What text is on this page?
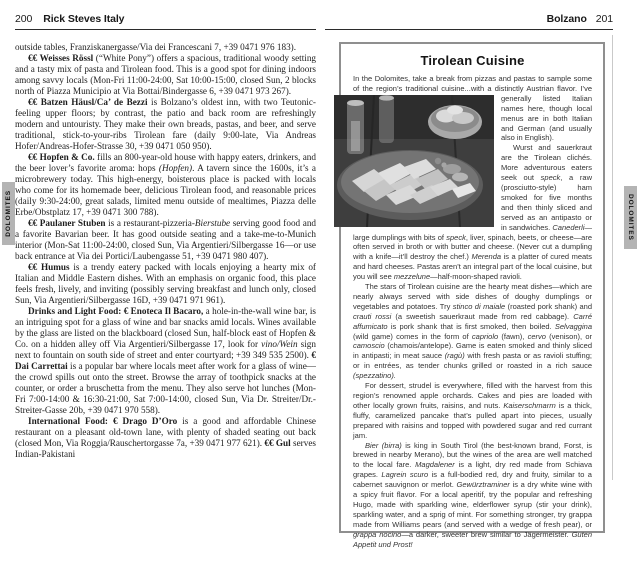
200 Rick Steves Italy

outside tables, Franziskanergasse/Via dei Francescani 7, +39 0471 976 183).

€€ Weisses Rössl (“White Pony”) offers a spacious, traditional woody setting and a tasty mix of pasta and Tirolean food. This is a good spot for dining indoors among savvy locals (Mon-Fri 11:00-24:00, Sat 10:00-15:00, closed Sun, 2 blocks north of Piazza Municipio at Via Bottai/Bindergasse 6, +39 0471 973 267).

€€ Batzen Häusl/Ca’ de Bezzi is Bolzano’s oldest inn, with two Teutonic-feeling upper floors; by contrast, the patio and back room are refreshingly modern and untouristy. They make their own breads, pastas, and beer, and serve traditional, stick-to-your-ribs Tirolean fare (daily 9:00-late, Via Andreas Hofer/Andreas-Hofer-Strasse 30, +39 0471 050 950).

€€ Hopfen & Co. fills an 800-year-old house with happy eaters, drinkers, and the beer lover’s favorite aroma: hops (Hopfen). A tavern since the 1600s, it’s a microbrewery today. This high-energy, boisterous place is packed with locals who come for its homemade beer, delicious Tirolean food, and reasonable prices (daily 9:30-24:00, great salads, limited menu outside of mealtimes, Piazza delle Erbe/Obstplatz 17, +39 0471 300 788).

€€ Paulaner Stuben is a restaurant-pizzeria-Bierstube serving good food and a favorite Bavarian beer. It has good outside seating and a take-me-to-Munich interior (Mon-Sat 11:00-24:00, closed Sun, Via Argentieri/Silbergasse 16—or use back entrance at Via dei Portici/Laubengasse 51, +39 0471 980 407).

€€ Humus is a trendy eatery packed with locals enjoying a hearty mix of Italian and Middle Eastern dishes. With an emphasis on organic food, this place feels fresh, lively, and inviting (possibly serving breakfast and lunch only, closed Sun, Via Argentieri/Silbergasse 16D, +39 0471 971 961).

Drinks and Light Food: € Enoteca Il Bacaro, a hole-in-the-wall wine bar, is an intriguing spot for a glass of wine and bar snacks amid locals. Wines available by the glass are listed on the blackboard (closed Sun, half-block east of Hopfen & Co. on a hidden alley off Via Argentieri/Silbergasse 17, look for vino/Wein sign next to fountain on south side of street and enter courtyard; +39 349 535 2500). € Dai Carrettai is a popular bar where locals meet after work for a glass of wine—the crowd spills out onto the street. Browse the array of toothpick snacks at the counter, or order a bruschetta from the menu. They also serve hot lunches (Mon-Fri 7:00-14:00 & 16:30-21:00, Sat 7:00-14:00, closed Sun, Via Dr. Streiter/Dr.-Streiter-Gasse 20b, +39 0471 970 558).

International Food: € Drago D’Oro is a good and affordable Chinese restaurant on a pleasant old-town lane, with plenty of shaded seating out back (closed Mon, Via Roggia/Rauschertorgasse 7a, +39 0471 977 621). €€ Gul serves Indian-Pakistani

Bolzano 201
Tirolean Cuisine

In the Dolomites, take a break from pizzas and pastas to sample some of the region’s traditional cuisine...with a distinctly Austrian flavor. I’ve generally listed Italian names here, though local menus are in both Italian and German (and usually also in English).

Wurst and sauerkraut are the Tirolean clichés. More adventurous eaters seek out speck, a raw (prosciutto-style) ham smoked for five months and then thinly sliced and served as an antipasto or in sandwiches. Canederli—large dumplings with bits of speck, liver, spinach, beets, or cheese—are often served in broth or with butter and cheese. (Never cut a dumpling with a knife—it’ll destroy the chef.) Merenda is a platter of cured meats and hard cheeses. Pastas aren’t an integral part of the local cuisine, but you will see mezzelune—half-moon-shaped ravioli.

The stars of Tirolean cuisine are the hearty meat dishes—which are nearly always served with side dishes of doughy dumplings or vegetables and potatoes. Try stinco di maiale (roasted pork shank) and crauti rossi (a sweetish sauerkraut made from red cabbage). Carré affumicato is pork shank that is first smoked, then boiled. Selvaggina (wild game) comes in the form of capriolo (fawn), cervo (venison), or camoscio (chamois/antelope). Game is eaten smoked and thinly sliced in antipasti; in meat sauce (ragù) with fresh pasta or as ravioli stuffing; or in entrées, as tender chunks grilled or roasted in a rich sauce (spezzatino).

For dessert, strudel is everywhere, filled with the harvest from this region’s renowned apple orchards. Cakes and pies are loaded with other locally grown fruits, raisins, and nuts. Kaiserschmarrn is a thick, fluffy, caramelized pancake that’s pulled apart into pieces, usually prepared with raisins and topped with powdered sugar and red currant jam.

Bier (birra) is king in South Tirol (the best-known brand, Forst, is brewed in nearby Merano), but the wines of the area are well matched to the local fare. Magdalener is a light, dry red made from Schiava grapes. Lagrein scuro is a full-bodied red, dry and fruity, similar to a cabernet sauvignon or merlot. Gewürztraminer is a dry white wine with a spicy fruit flavor. For a local aperitif, try the popular and refreshing Hugo, made with sparkling wine, elderflower syrup (stir your drink), sparkling water, and a sprig of mint. For something stronger, try grappa made from Williams pears (and served with a wedge of fresh pear), or grappa nocino—a darker, sweeter brew similar to Jägermeister. Guten Appetit und Prost!

DOLOMITES	DOLOMITES
